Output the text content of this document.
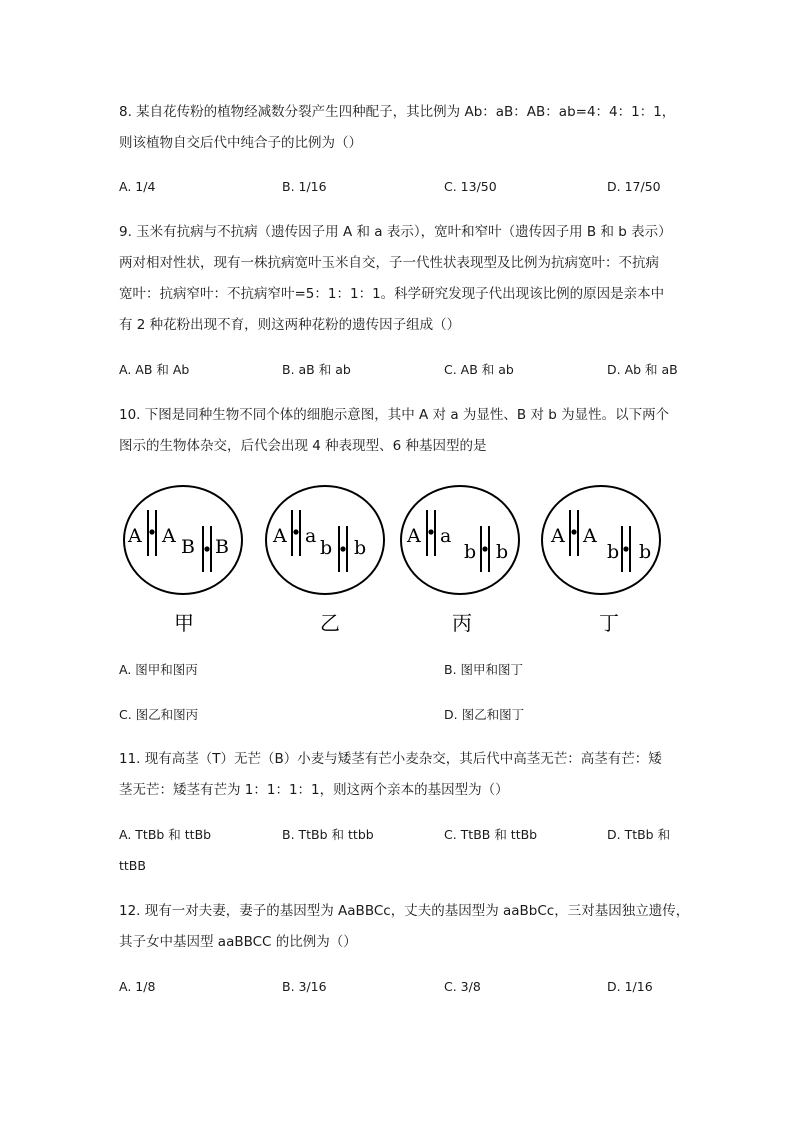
8. 某自花传粉的植物经减数分裂产生四种配子，其比例为 Ab：aB：AB：ab=4：4：1：1，
则该植物自交后代中纯合子的比例为（）
A. 1/4	B. 1/16	C. 13/50	D. 17/50
9. 玉米有抗病与不抗病（遗传因子用 A 和 a 表示），宽叶和窄叶（遗传因子用 B 和 b 表示）
两对相对性状，现有一株抗病宽叶玉米自交，子一代性状表现型及比例为抗病宽叶：不抗病
宽叶：抗病窄叶：不抗病窄叶=5：1：1：1。科学研究发现子代出现该比例的原因是亲本中
有 2 种花粉出现不育，则这两种花粉的遗传因子组成（）
A. AB 和 Ab	B. aB 和 ab	C. AB 和 ab	D. Ab 和 aB
10. 下图是同种生物不同个体的细胞示意图，其中 A 对 a 为显性、B 对 b 为显性。以下两个
图示的生物体杂交，后代会出现 4 种表现型、6 种基因型的是
A A B B
甲
A a
b b
乙
A a
b b
丙
A A
b b
丁
A. 图甲和图丙	B. 图甲和图丁
C. 图乙和图丙	D. 图乙和图丁
11. 现有高茎（T）无芒（B）小麦与矮茎有芒小麦杂交，其后代中高茎无芒：高茎有芒：矮
茎无芒：矮茎有芒为 1：1：1：1，则这两个亲本的基因型为（）
A. TtBb 和 ttBb	B. TtBb 和 ttbb	C. TtBB 和 ttBb	D. TtBb 和
ttBB
12. 现有一对夫妻，妻子的基因型为 AaBBCc，丈夫的基因型为 aaBbCc，三对基因独立遗传，
其子女中基因型 aaBBCC 的比例为（）
A. 1/8	B. 3/16	C. 3/8	D. 1/16
